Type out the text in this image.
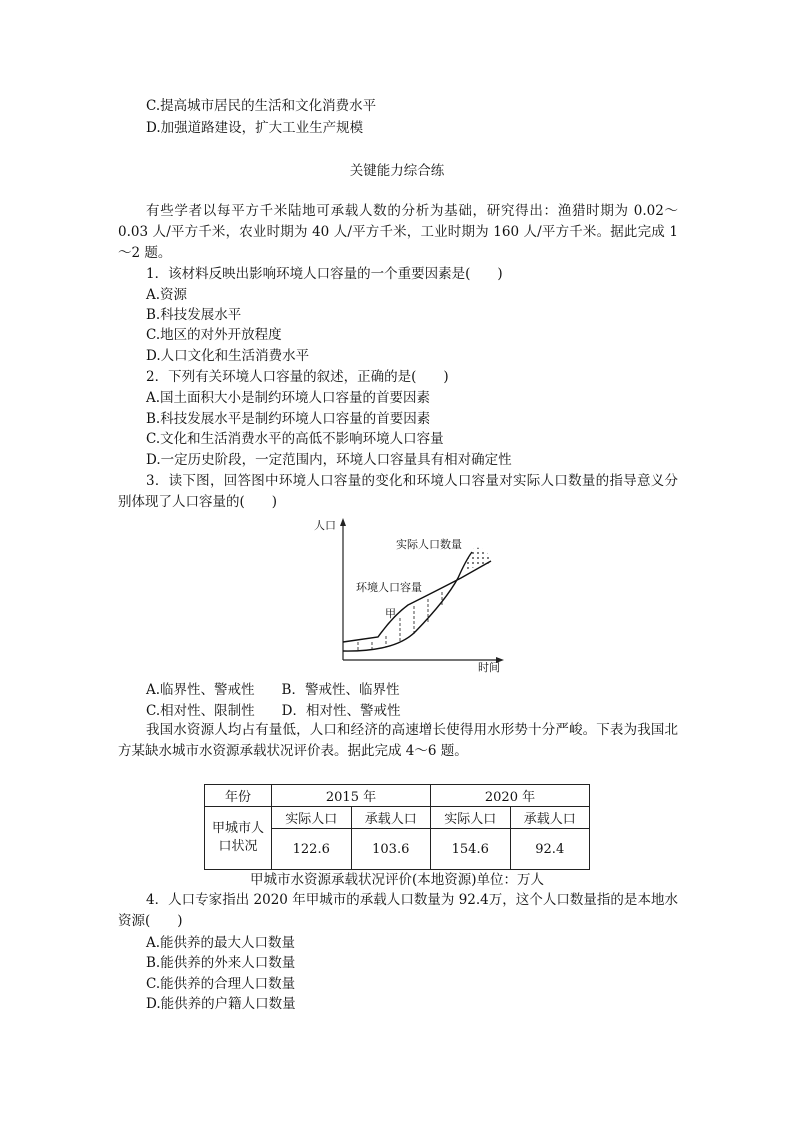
C.提高城市居民的生活和文化消费水平
D.加强道路建设，扩大工业生产规模
关键能力综合练
有些学者以每平方千米陆地可承载人数的分析为基础，研究得出：渔猎时期为 0.02～0.03 人/平方千米，农业时期为 40 人/平方千米，工业时期为 160 人/平方千米。据此完成 1～2 题。
1．该材料反映出影响环境人口容量的一个重要因素是(　　)
A.资源
B.科技发展水平
C.地区的对外开放程度
D.人口文化和生活消费水平
2．下列有关环境人口容量的叙述，正确的是(　　)
A.国土面积大小是制约环境人口容量的首要因素
B.科技发展水平是制约环境人口容量的首要因素
C.文化和生活消费水平的高低不影响环境人口容量
D.一定历史阶段，一定范围内，环境人口容量具有相对确定性
3．读下图，回答图中环境人口容量的变化和环境人口容量对实际人口数量的指导意义分别体现了人口容量的(　　)
人口
时间
实际人口数量
环境人口容量
甲
A.临界性、警戒性　　B．警戒性、临界性
C.相对性、限制性　　D．相对性、警戒性
我国水资源人均占有量低，人口和经济的高速增长使得用水形势十分严峻。下表为我国北方某缺水城市水资源承载状况评价表。据此完成 4～6 题。
年份	2015 年		2020 年	
甲城市人口状况	实际人口	承载人口	实际人口	承载人口
	122.6	103.6	154.6	92.4
甲城市水资源承载状况评价(本地资源)单位：万人
4．人口专家指出 2020 年甲城市的承载人口数量为 92.4万，这个人口数量指的是本地水资源(　　)
A.能供养的最大人口数量
B.能供养的外来人口数量
C.能供养的合理人口数量
D.能供养的户籍人口数量
